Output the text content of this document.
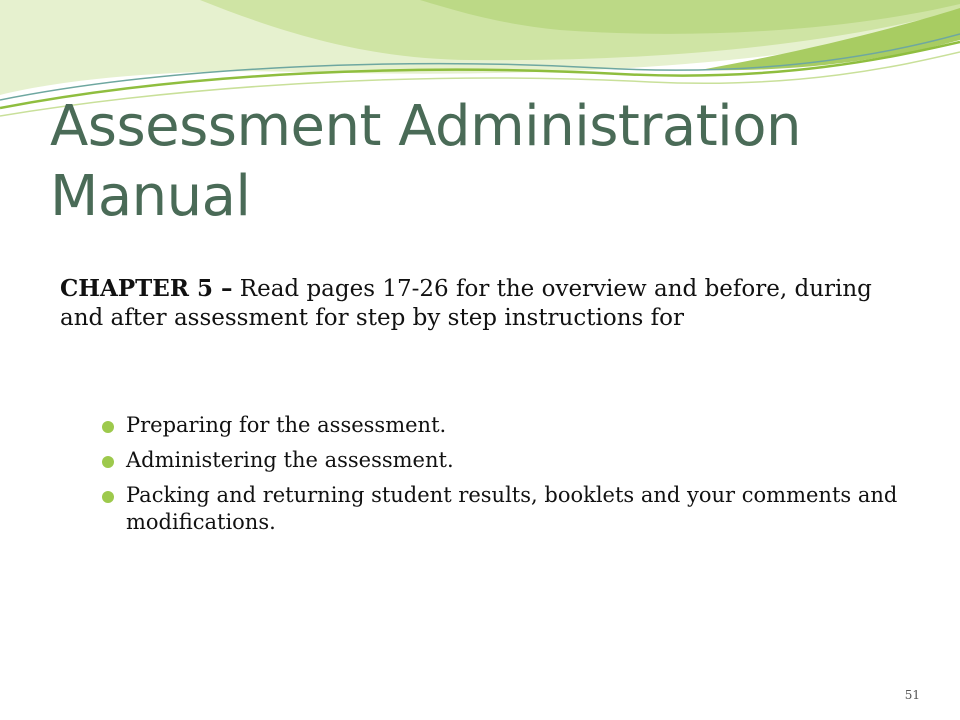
Assessment Administration Manual

CHAPTER 5 – Read pages 17-26 for the overview and before, during and after assessment for step by step instructions for

Preparing for the assessment.
Administering the assessment.
Packing and returning student results, booklets and your comments and modifications.
51
